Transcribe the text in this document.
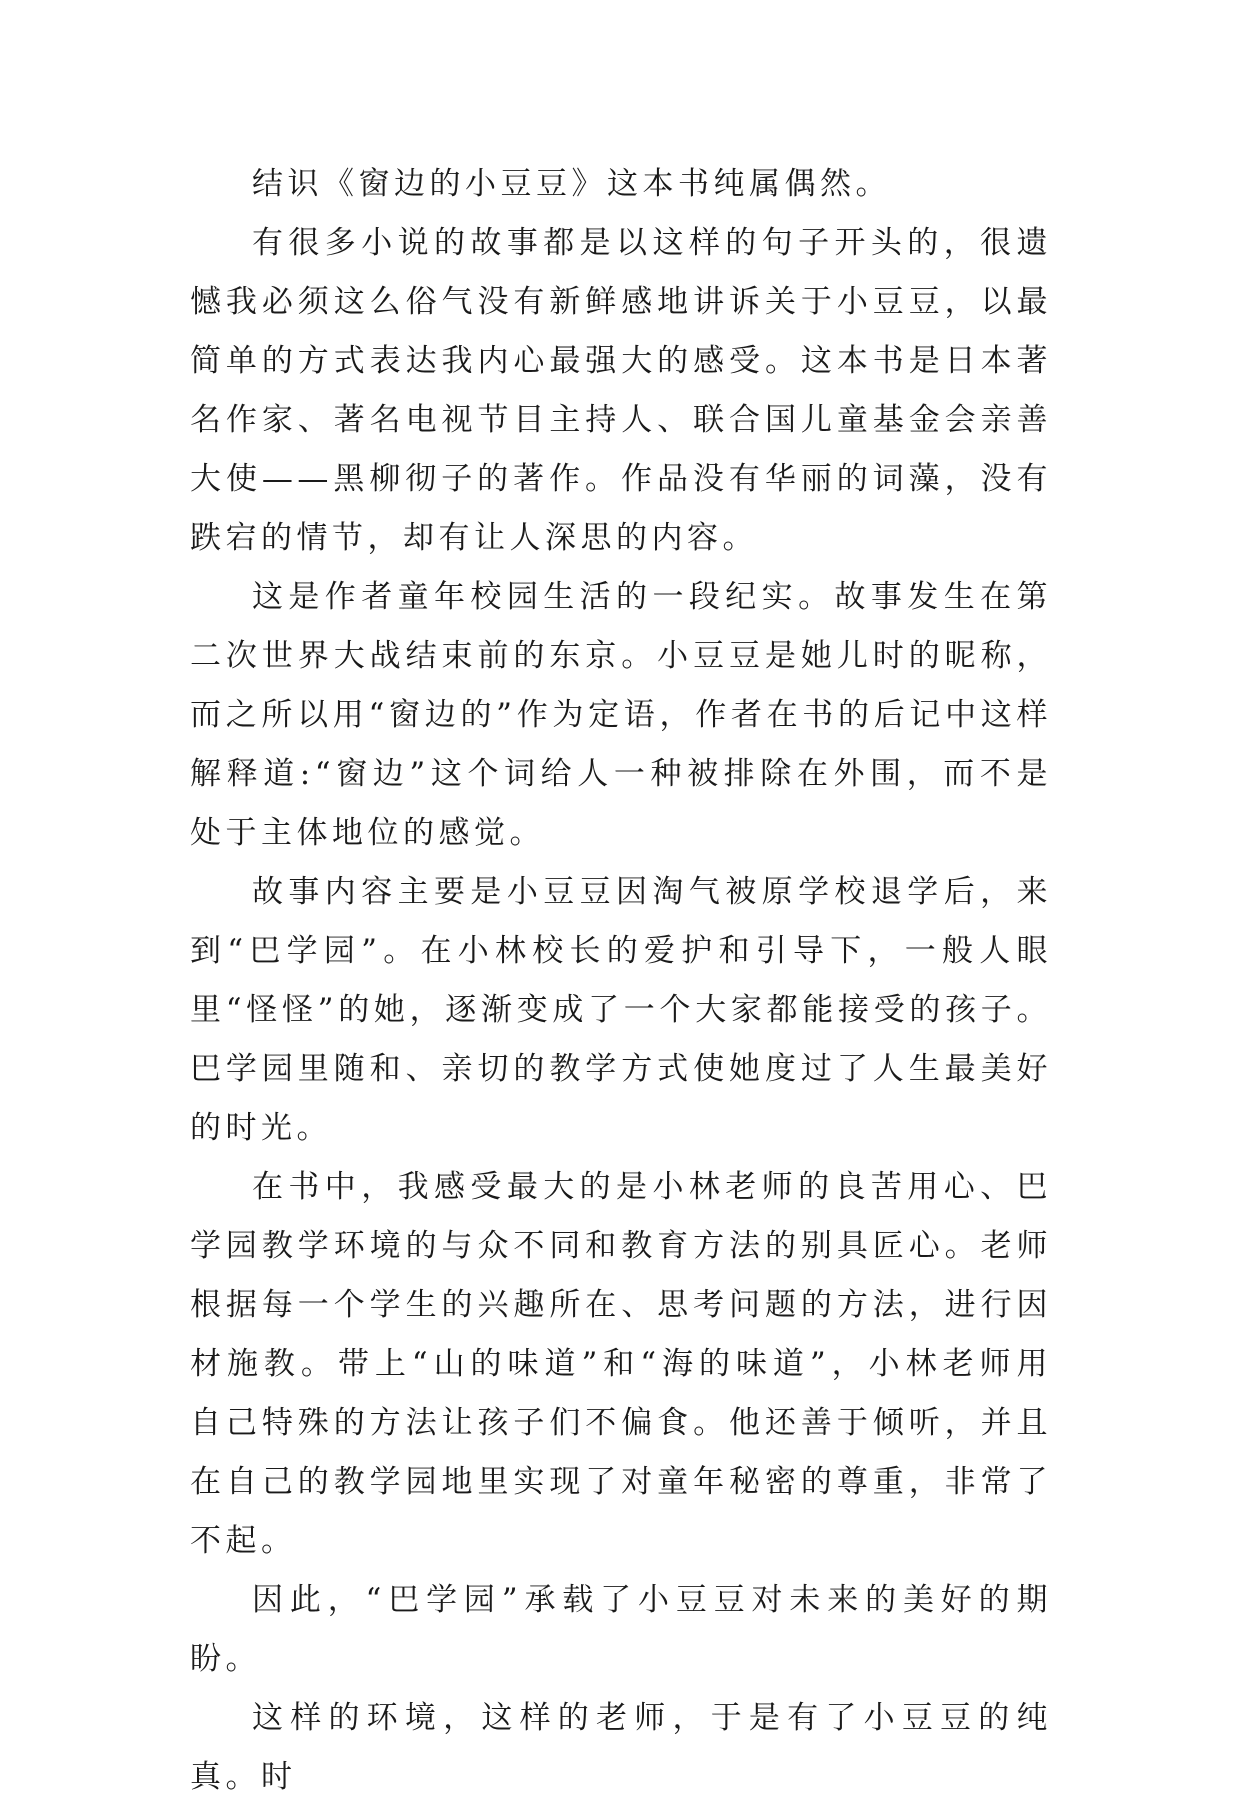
结识《窗边的小豆豆》这本书纯属偶然。

有很多小说的故事都是以这样的句子开头的，很遗憾我必须这么俗气没有新鲜感地讲诉关于小豆豆，以最简单的方式表达我内心最强大的感受。这本书是日本著名作家、著名电视节目主持人、联合国儿童基金会亲善大使——黑柳彻子的著作。作品没有华丽的词藻，没有跌宕的情节，却有让人深思的内容。

这是作者童年校园生活的一段纪实。故事发生在第二次世界大战结束前的东京。小豆豆是她儿时的昵称，而之所以用“窗边的”作为定语，作者在书的后记中这样解释道:“窗边”这个词给人一种被排除在外围，而不是处于主体地位的感觉。

故事内容主要是小豆豆因淘气被原学校退学后，来到“巴学园”。在小林校长的爱护和引导下，一般人眼里“怪怪”的她，逐渐变成了一个大家都能接受的孩子。巴学园里随和、亲切的教学方式使她度过了人生最美好的时光。

在书中，我感受最大的是小林老师的良苦用心、巴学园教学环境的与众不同和教育方法的别具匠心。老师根据每一个学生的兴趣所在、思考问题的方法，进行因材施教。带上“山的味道”和“海的味道”，小林老师用自己特殊的方法让孩子们不偏食。他还善于倾听，并且在自己的教学园地里实现了对童年秘密的尊重，非常了不起。

因此，“巴学园”承载了小豆豆对未来的美好的期盼。

这样的环境，这样的老师，于是有了小豆豆的纯真。时
